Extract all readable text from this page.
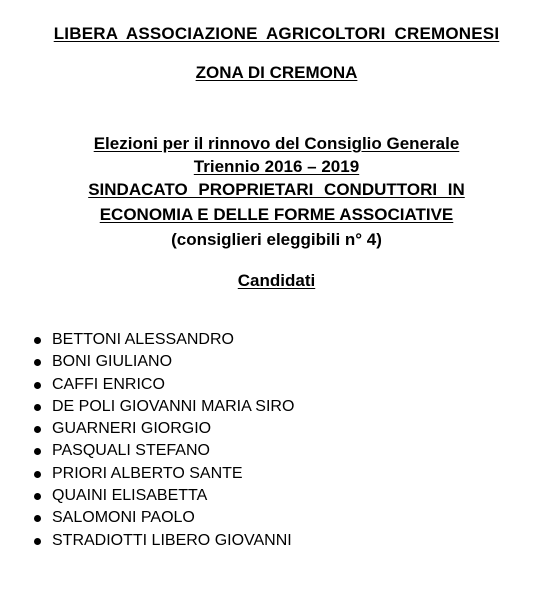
LIBERA ASSOCIAZIONE AGRICOLTORI CREMONESI
ZONA DI CREMONA
Elezioni per il rinnovo del Consiglio Generale
Triennio 2016 – 2019
SINDACATO PROPRIETARI CONDUTTORI IN
ECONOMIA E DELLE FORME ASSOCIATIVE
(consiglieri eleggibili n° 4)
Candidati
BETTONI ALESSANDRO
BONI GIULIANO
CAFFI ENRICO
DE POLI GIOVANNI MARIA SIRO
GUARNERI GIORGIO
PASQUALI STEFANO
PRIORI ALBERTO SANTE
QUAINI ELISABETTA
SALOMONI PAOLO
STRADIOTTI LIBERO GIOVANNI
